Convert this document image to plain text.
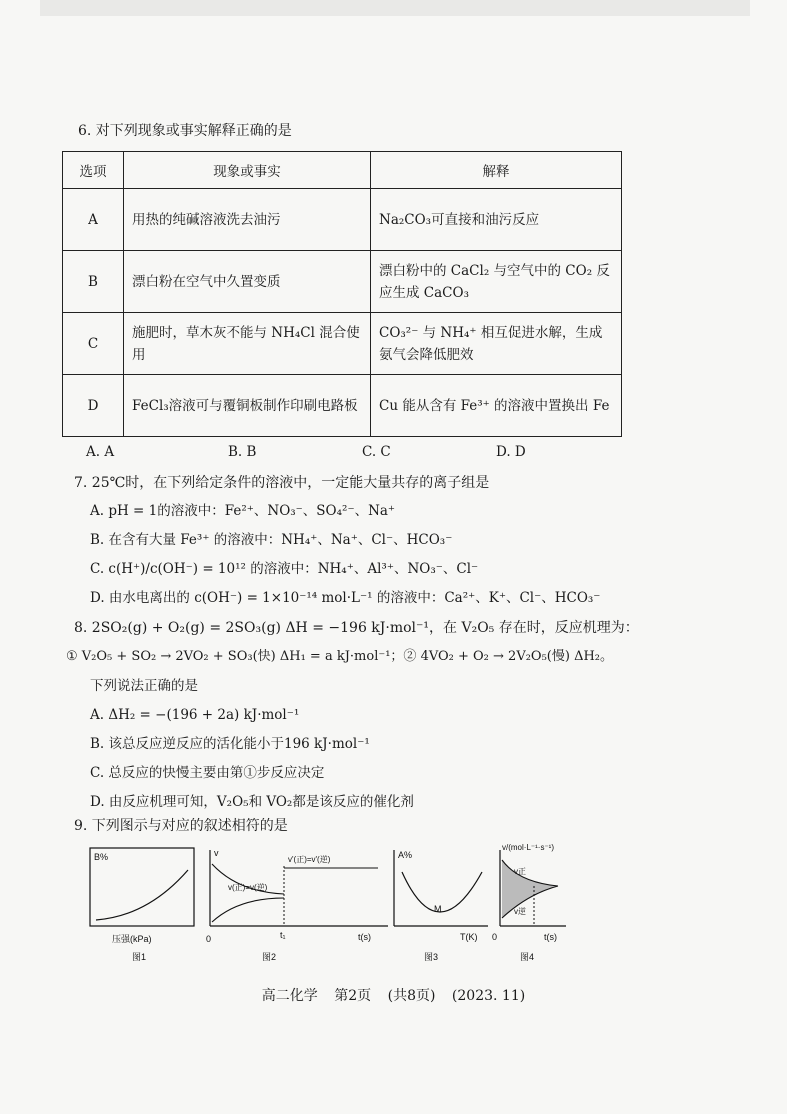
6. 对下列现象或事实解释正确的是
选项	现象或事实	解释
A	用热的纯碱溶液洗去油污	Na₂CO₃可直接和油污反应
B	漂白粉在空气中久置变质	漂白粉中的 CaCl₂ 与空气中的 CO₂ 反应生成 CaCO₃
C	施肥时，草木灰不能与 NH₄Cl 混合使用	CO₃²⁻ 与 NH₄⁺ 相互促进水解，生成氨气会降低肥效
D	FeCl₃溶液可与覆铜板制作印刷电路板	Cu 能从含有 Fe³⁺ 的溶液中置换出 Fe
A. A	B. B	C. C	D. D
7. 25℃时，在下列给定条件的溶液中，一定能大量共存的离子组是
A. pH = 1的溶液中：Fe²⁺、NO₃⁻、SO₄²⁻、Na⁺
B. 在含有大量 Fe³⁺ 的溶液中：NH₄⁺、Na⁺、Cl⁻、HCO₃⁻
C. c(H⁺)/c(OH⁻) = 10¹² 的溶液中：NH₄⁺、Al³⁺、NO₃⁻、Cl⁻
D. 由水电离出的 c(OH⁻) = 1×10⁻¹⁴ mol·L⁻¹ 的溶液中：Ca²⁺、K⁺、Cl⁻、HCO₃⁻
8. 2SO₂(g) + O₂(g) = 2SO₃(g) ΔH = −196 kJ·mol⁻¹，在 V₂O₅ 存在时，反应机理为：
① V₂O₅ + SO₂ → 2VO₂ + SO₃(快) ΔH₁ = a kJ·mol⁻¹；② 4VO₂ + O₂ → 2V₂O₅(慢) ΔH₂。
下列说法正确的是
A. ΔH₂ = −(196 + 2a) kJ·mol⁻¹
B. 该总反应逆反应的活化能小于196 kJ·mol⁻¹
C. 总反应的快慢主要由第①步反应决定
D. 由反应机理可知，V₂O₅和 VO₂都是该反应的催化剂
9. 下列图示与对应的叙述相符的是
B%
压强(kPa)	0
图1
v
v(正)=v(逆)
v'(正)=v'(逆)
t₁	t(s)
图2
A%
M
T(K)
图3
v/(mol·L⁻¹·s⁻¹)
v正
v逆
t(s)
0
图4
高二化学 第2页 (共8页) (2023. 11)
